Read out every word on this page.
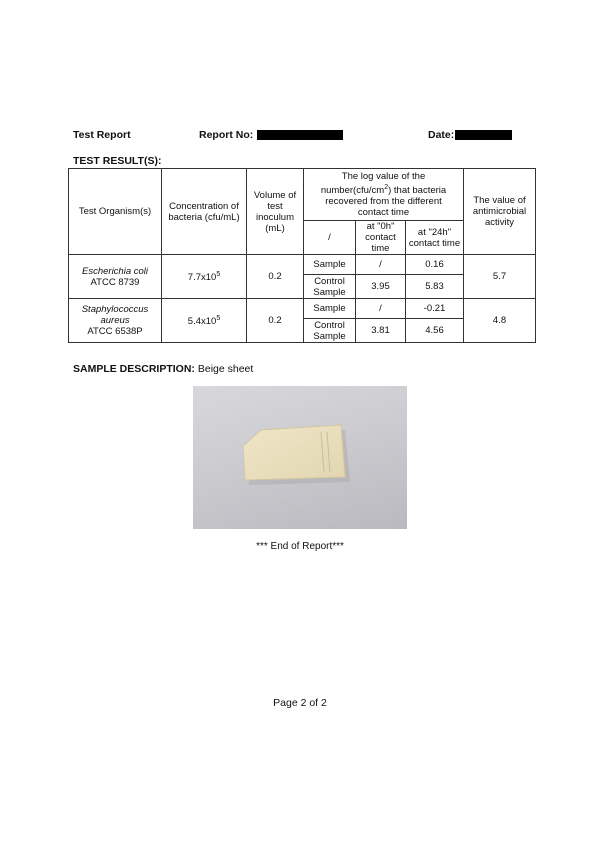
Test Report	Report No:	Date:
TEST RESULT(S):
Test Organism(s)	Concentration of bacteria (cfu/mL)	Volume of test inoculum (mL)	The log value of the
$number(cfu/cm^2)$ that bacteria
recovered from the different
contact time			The value of antimicrobial activity
			/	at "0h" contact time	at "24h" contact time	
Escherichia coli
ATCC 8739	$7.7x10^5$	0.2	Sample	/	0.16	5.7
			Control Sample	3.95	5.83	
Staphylococcus aureus
ATCC 6538P	$5.4x10^5$	0.2	Sample	/	-0.21	4.8
			Control Sample	3.81	4.56	
SAMPLE DESCRIPTION: Beige sheet
*** End of Report***
Page 2 of 2
